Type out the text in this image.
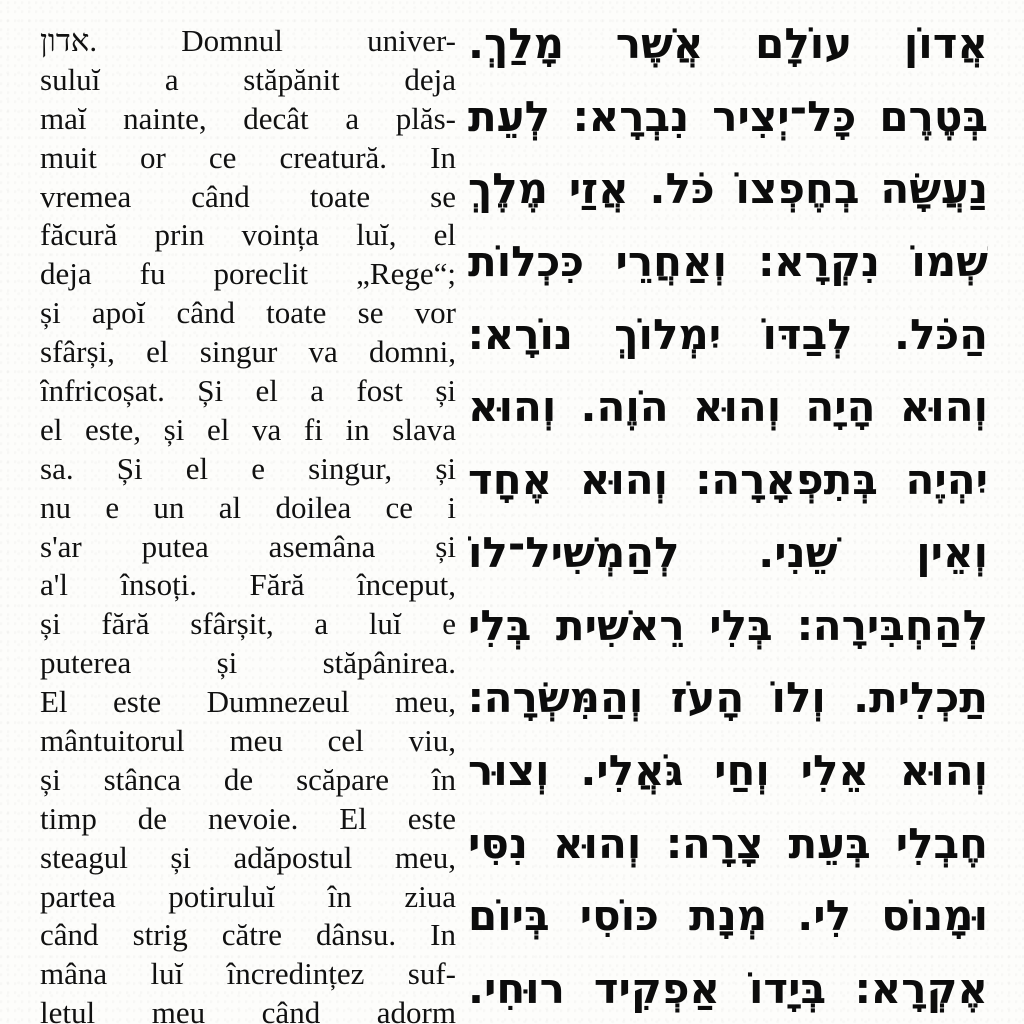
אדון. Domnul univer-
suluĭ a stăpănit deja
maĭ nainte, decât a plăs-
muit or ce creatură. In
vremea când toate se
făcură prin voința luĭ, el
deja fu poreclit „Rege“;
și apoĭ când toate se vor
sfârși, el singur va domni,
înfricoșat. Și el a fost și
el este, și el va fi in slava
sa. Și el e singur, și
nu e un al doilea ce i
s'ar putea asemâna și
a'l însoți. Fără început,
și fără sfârșit, a luĭ e
puterea și stăpânirea.
El este Dumnezeul meu,
mântuitorul meu cel viu,
și stânca de scăpare în
timp de nevoie. El este
steagul și adăpostul meu,
partea potiruluĭ în ziua
când strig către dânsu. In
mâna luĭ încredințez suf-
letul meu când adorm
אֲדוֹן עוֹלָם אֲשֶׁר מָלַךְ.
בְּטֶרֶם כָּל־יְצִיר נִבְרָא׃ לְעֵת
נַעֲשָׂה בְחֶפְצוֹ כֹּל. אֲזַי מֶלֶךְ
שְׁמוֹ נִקְרָא׃ וְאַחֲרֵי כִּכְלוֹת
הַכֹּל. לְבַדּוֹ יִמְלוֹךְ נוֹרָא׃
וְהוּא הָיָה וְהוּא הֹוֶה. וְהוּא
יִהְיֶה בְּתִפְאָרָה׃ וְהוּא אֶחָד
וְאֵין שֵׁנִי. לְהַמְשִׁיל־לוֹ
לְהַחְבִּירָה׃ בְּלִי רֵאשִׁית בְּלִי
תַכְלִית. וְלוֹ הָעֹז וְהַמִּשְׂרָה׃
וְהוּא אֵלִי וְחַי גֹּאֲלִי. וְצוּר
חֶבְלִי בְּעֵת צָרָה׃ וְהוּא נִסִּי
וּמָנוֹס לִי. מְנָת כּוֹסִי בְּיוֹם
אֶקְרָא׃ בְּיָדוֹ אַפְקִיד רוּחִי.
